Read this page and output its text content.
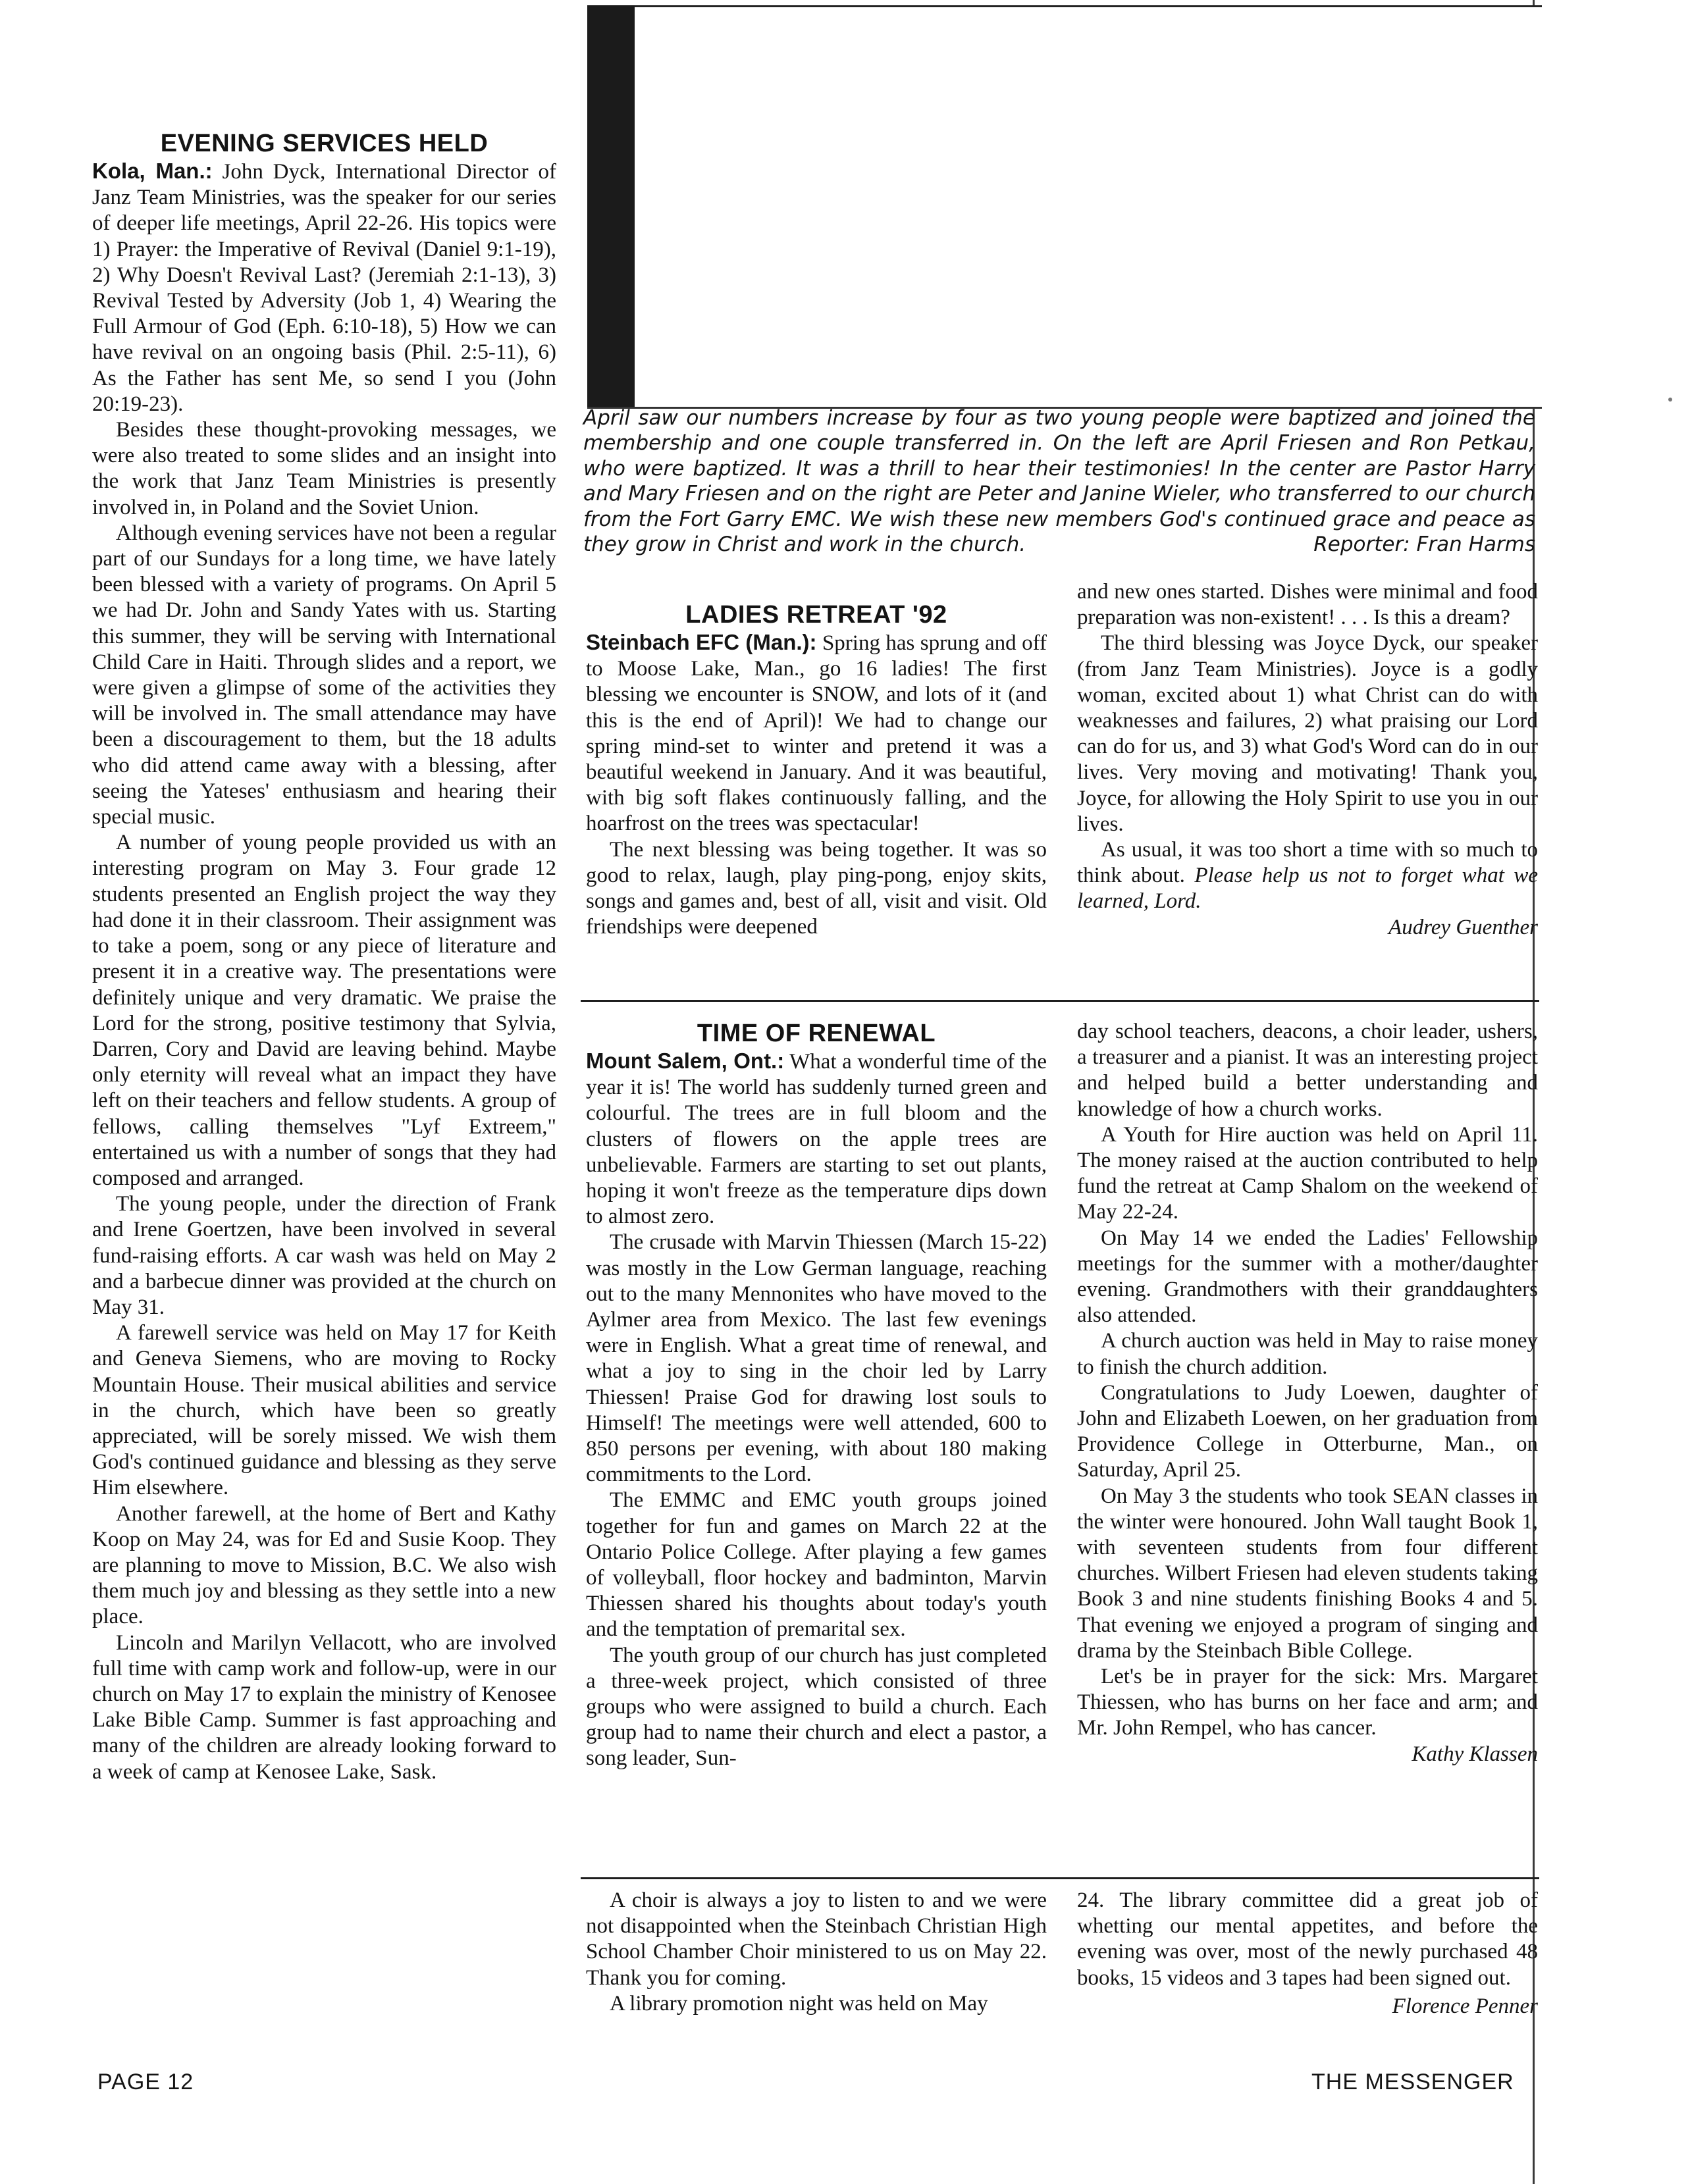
April saw our numbers increase by four as two young people were baptized and joined the membership and one couple transferred in. On the left are April Friesen and Ron Petkau, who were baptized. It was a thrill to hear their testimonies! In the center are Pastor Harry and Mary Friesen and on the right are Peter and Janine Wieler, who transferred to our church from the Fort Garry EMC. We wish these new members God's continued grace and peace as they grow in Christ and work in the church.	Reporter: Fran Harms
EVENING SERVICES HELD

Kola, Man.: John Dyck, International Director of Janz Team Ministries, was the speaker for our series of deeper life meetings, April 22-26. His topics were 1) Prayer: the Imperative of Revival (Daniel 9:1-19), 2) Why Doesn't Revival Last? (Jeremiah 2:1-13), 3) Revival Tested by Adversity (Job 1, 4) Wearing the Full Armour of God (Eph. 6:10-18), 5) How we can have revival on an ongoing basis (Phil. 2:5-11), 6) As the Father has sent Me, so send I you (John 20:19-23).

Besides these thought-provoking messages, we were also treated to some slides and an insight into the work that Janz Team Ministries is presently involved in, in Poland and the Soviet Union.

Although evening services have not been a regular part of our Sundays for a long time, we have lately been blessed with a variety of programs. On April 5 we had Dr. John and Sandy Yates with us. Starting this summer, they will be serving with International Child Care in Haiti. Through slides and a report, we were given a glimpse of some of the activities they will be involved in. The small attendance may have been a discouragement to them, but the 18 adults who did attend came away with a blessing, after seeing the Yateses' enthusiasm and hearing their special music.

A number of young people provided us with an interesting program on May 3. Four grade 12 students presented an English project the way they had done it in their classroom. Their assignment was to take a poem, song or any piece of literature and present it in a creative way. The presentations were definitely unique and very dramatic. We praise the Lord for the strong, positive testimony that Sylvia, Darren, Cory and David are leaving behind. Maybe only eternity will reveal what an impact they have left on their teachers and fellow students. A group of fellows, calling themselves "Lyf Extreem," entertained us with a number of songs that they had composed and arranged.

The young people, under the direction of Frank and Irene Goertzen, have been involved in several fund-raising efforts. A car wash was held on May 2 and a barbecue dinner was provided at the church on May 31.

A farewell service was held on May 17 for Keith and Geneva Siemens, who are moving to Rocky Mountain House. Their musical abilities and service in the church, which have been so greatly appreciated, will be sorely missed. We wish them God's continued guidance and blessing as they serve Him elsewhere.

Another farewell, at the home of Bert and Kathy Koop on May 24, was for Ed and Susie Koop. They are planning to move to Mission, B.C. We also wish them much joy and blessing as they settle into a new place.

Lincoln and Marilyn Vellacott, who are involved full time with camp work and follow-up, were in our church on May 17 to explain the ministry of Kenosee Lake Bible Camp. Summer is fast approaching and many of the children are already looking forward to a week of camp at Kenosee Lake, Sask.

LADIES RETREAT '92

Steinbach EFC (Man.): Spring has sprung and off to Moose Lake, Man., go 16 ladies! The first blessing we encounter is SNOW, and lots of it (and this is the end of April)! We had to change our spring mind-set to winter and pretend it was a beautiful weekend in January. And it was beautiful, with big soft flakes continuously falling, and the hoarfrost on the trees was spectacular!

The next blessing was being together. It was so good to relax, laugh, play ping-pong, enjoy skits, songs and games and, best of all, visit and visit. Old friendships were deepened

and new ones started. Dishes were minimal and food preparation was non-existent! . . . Is this a dream?

The third blessing was Joyce Dyck, our speaker (from Janz Team Ministries). Joyce is a godly woman, excited about 1) what Christ can do with weaknesses and failures, 2) what praising our Lord can do for us, and 3) what God's Word can do in our lives. Very moving and motivating! Thank you, Joyce, for allowing the Holy Spirit to use you in our lives.

As usual, it was too short a time with so much to think about. Please help us not to forget what we learned, Lord.

Audrey Guenther

TIME OF RENEWAL

Mount Salem, Ont.: What a wonderful time of the year it is! The world has suddenly turned green and colourful. The trees are in full bloom and the clusters of flowers on the apple trees are unbelievable. Farmers are starting to set out plants, hoping it won't freeze as the temperature dips down to almost zero.

The crusade with Marvin Thiessen (March 15-22) was mostly in the Low German language, reaching out to the many Mennonites who have moved to the Aylmer area from Mexico. The last few evenings were in English. What a great time of renewal, and what a joy to sing in the choir led by Larry Thiessen! Praise God for drawing lost souls to Himself! The meetings were well attended, 600 to 850 persons per evening, with about 180 making commitments to the Lord.

The EMMC and EMC youth groups joined together for fun and games on March 22 at the Ontario Police College. After playing a few games of volleyball, floor hockey and badminton, Marvin Thiessen shared his thoughts about today's youth and the temptation of premarital sex.

The youth group of our church has just completed a three-week project, which consisted of three groups who were assigned to build a church. Each group had to name their church and elect a pastor, a song leader, Sun-

day school teachers, deacons, a choir leader, ushers, a treasurer and a pianist. It was an interesting project and helped build a better understanding and knowledge of how a church works.

A Youth for Hire auction was held on April 11. The money raised at the auction contributed to help fund the retreat at Camp Shalom on the weekend of May 22-24.

On May 14 we ended the Ladies' Fellowship meetings for the summer with a mother/daughter evening. Grandmothers with their granddaughters also attended.

A church auction was held in May to raise money to finish the church addition.

Congratulations to Judy Loewen, daughter of John and Elizabeth Loewen, on her graduation from Providence College in Otterburne, Man., on Saturday, April 25.

On May 3 the students who took SEAN classes in the winter were honoured. John Wall taught Book 1, with seventeen students from four different churches. Wilbert Friesen had eleven students taking Book 3 and nine students finishing Books 4 and 5. That evening we enjoyed a program of singing and drama by the Steinbach Bible College.

Let's be in prayer for the sick: Mrs. Margaret Thiessen, who has burns on her face and arm; and Mr. John Rempel, who has cancer.

Kathy Klassen

A choir is always a joy to listen to and we were not disappointed when the Steinbach Christian High School Chamber Choir ministered to us on May 22. Thank you for coming.

A library promotion night was held on May

24. The library committee did a great job of whetting our mental appetites, and before the evening was over, most of the newly purchased 48 books, 15 videos and 3 tapes had been signed out.

Florence Penner

PAGE 12	THE MESSENGER
